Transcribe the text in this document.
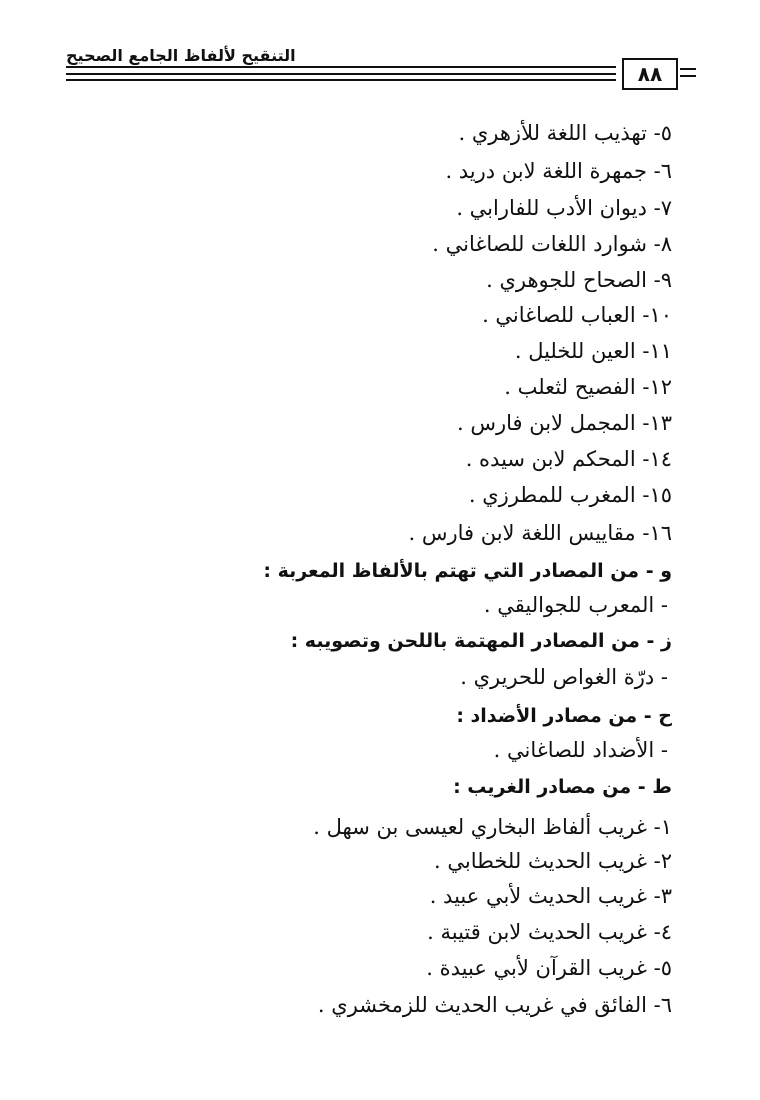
التنقيح لألفاظ الجامع الصحيح
٨٨
٥- تهذيب اللغة للأزهري .
٦- جمهرة اللغة لابن دريد .
٧- ديوان الأدب للفارابي .
٨- شوارد اللغات للصاغاني .
٩- الصحاح للجوهري .
١٠- العباب للصاغاني .
١١- العين للخليل .
١٢- الفصيح لثعلب .
١٣- المجمل لابن فارس .
١٤- المحكم لابن سيده .
١٥- المغرب للمطرزي .
١٦- مقاييس اللغة لابن فارس .
و - من المصادر التي تهتم بالألفاظ المعربة :
- المعرب للجواليقي .
ز - من المصادر المهتمة باللحن وتصويبه :
- درّة الغواص للحريري .
ح - من مصادر الأضداد :
- الأضداد للصاغاني .
ط - من مصادر الغريب :
١- غريب ألفاظ البخاري لعيسى بن سهل .
٢- غريب الحديث للخطابي .
٣- غريب الحديث لأبي عبيد .
٤- غريب الحديث لابن قتيبة .
٥- غريب القرآن لأبي عبيدة .
٦- الفائق في غريب الحديث للزمخشري .
